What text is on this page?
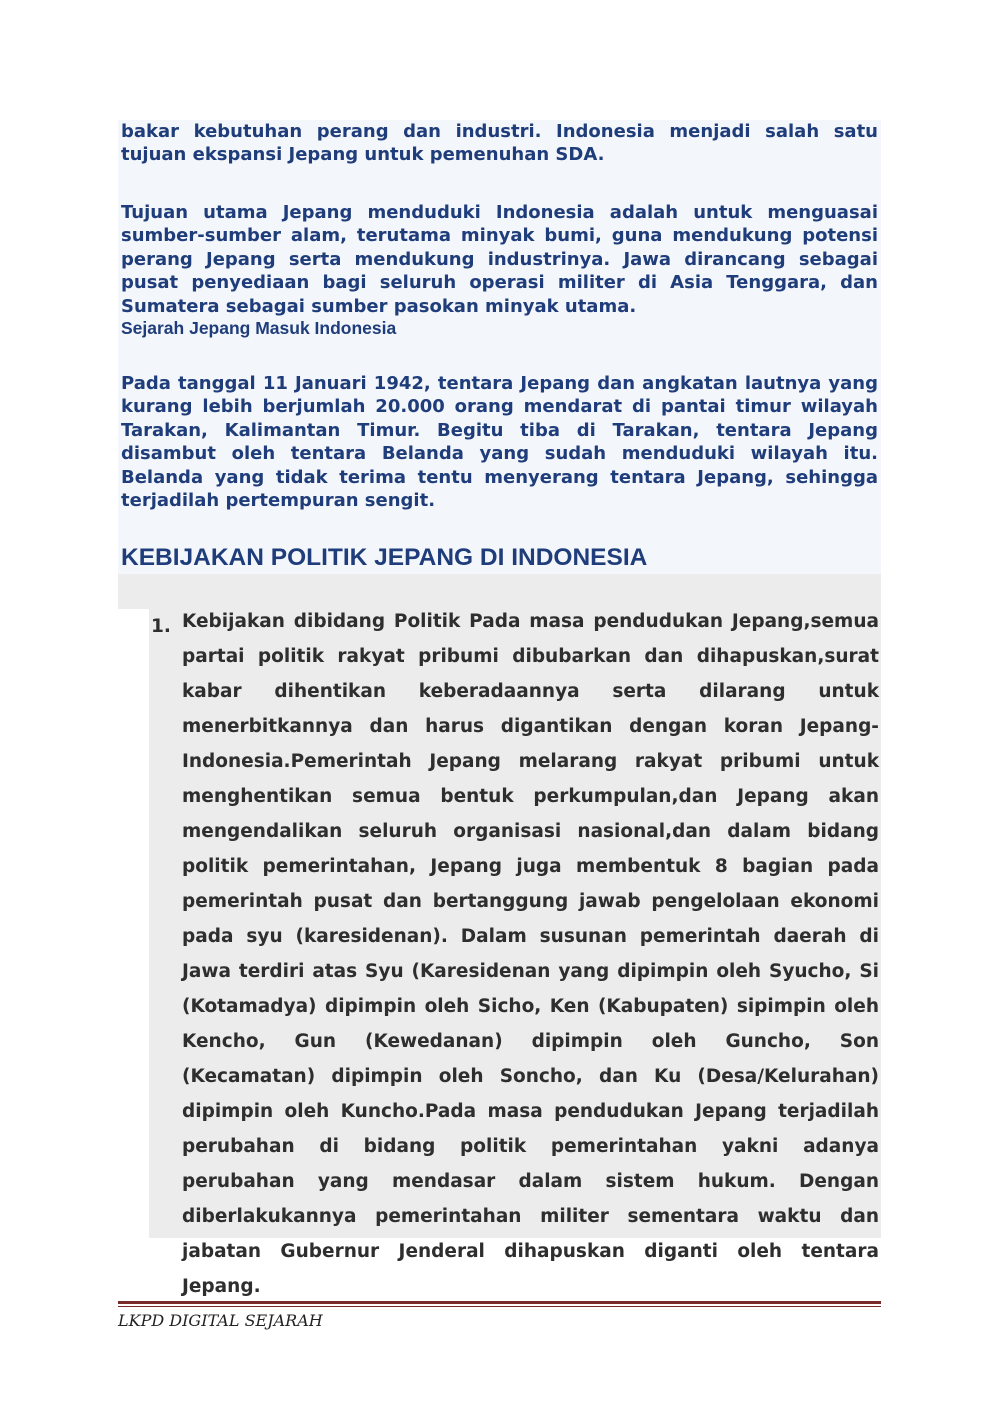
bakar kebutuhan perang dan industri. Indonesia menjadi salah satu tujuan ekspansi Jepang untuk pemenuhan SDA.

Tujuan utama Jepang menduduki Indonesia adalah untuk menguasai sumber-sumber alam, terutama minyak bumi, guna mendukung potensi perang Jepang serta mendukung industrinya. Jawa dirancang sebagai pusat penyediaan bagi seluruh operasi militer di Asia Tenggara, dan Sumatera sebagai sumber pasokan minyak utama.

Sejarah Jepang Masuk Indonesia

Pada tanggal 11 Januari 1942, tentara Jepang dan angkatan lautnya yang kurang lebih berjumlah 20.000 orang mendarat di pantai timur wilayah Tarakan, Kalimantan Timur. Begitu tiba di Tarakan, tentara Jepang disambut oleh tentara Belanda yang sudah menduduki wilayah itu. Belanda yang tidak terima tentu menyerang tentara Jepang, sehingga terjadilah pertempuran sengit.

KEBIJAKAN POLITIK JEPANG DI INDONESIA
1. Kebijakan dibidang Politik Pada masa pendudukan Jepang,semua partai politik rakyat pribumi dibubarkan dan dihapuskan,surat kabar dihentikan keberadaannya serta dilarang untuk menerbitkannya dan harus digantikan dengan koran Jepang- Indonesia.Pemerintah Jepang melarang rakyat pribumi untuk menghentikan semua bentuk perkumpulan,dan Jepang akan mengendalikan seluruh organisasi nasional,dan dalam bidang politik pemerintahan, Jepang juga membentuk 8 bagian pada pemerintah pusat dan bertanggung jawab pengelolaan ekonomi pada syu (karesidenan). Dalam susunan pemerintah daerah di Jawa terdiri atas Syu (Karesidenan yang dipimpin oleh Syucho, Si (Kotamadya) dipimpin oleh Sicho, Ken (Kabupaten) sipimpin oleh Kencho, Gun (Kewedanan) dipimpin oleh Guncho, Son (Kecamatan) dipimpin oleh Soncho, dan Ku (Desa/Kelurahan) dipimpin oleh Kuncho.Pada masa pendudukan Jepang terjadilah perubahan di bidang politik pemerintahan yakni adanya perubahan yang mendasar dalam sistem hukum. Dengan diberlakukannya pemerintahan militer sementara waktu dan jabatan Gubernur Jenderal dihapuskan diganti oleh tentara Jepang.

LKPD DIGITAL SEJARAH
